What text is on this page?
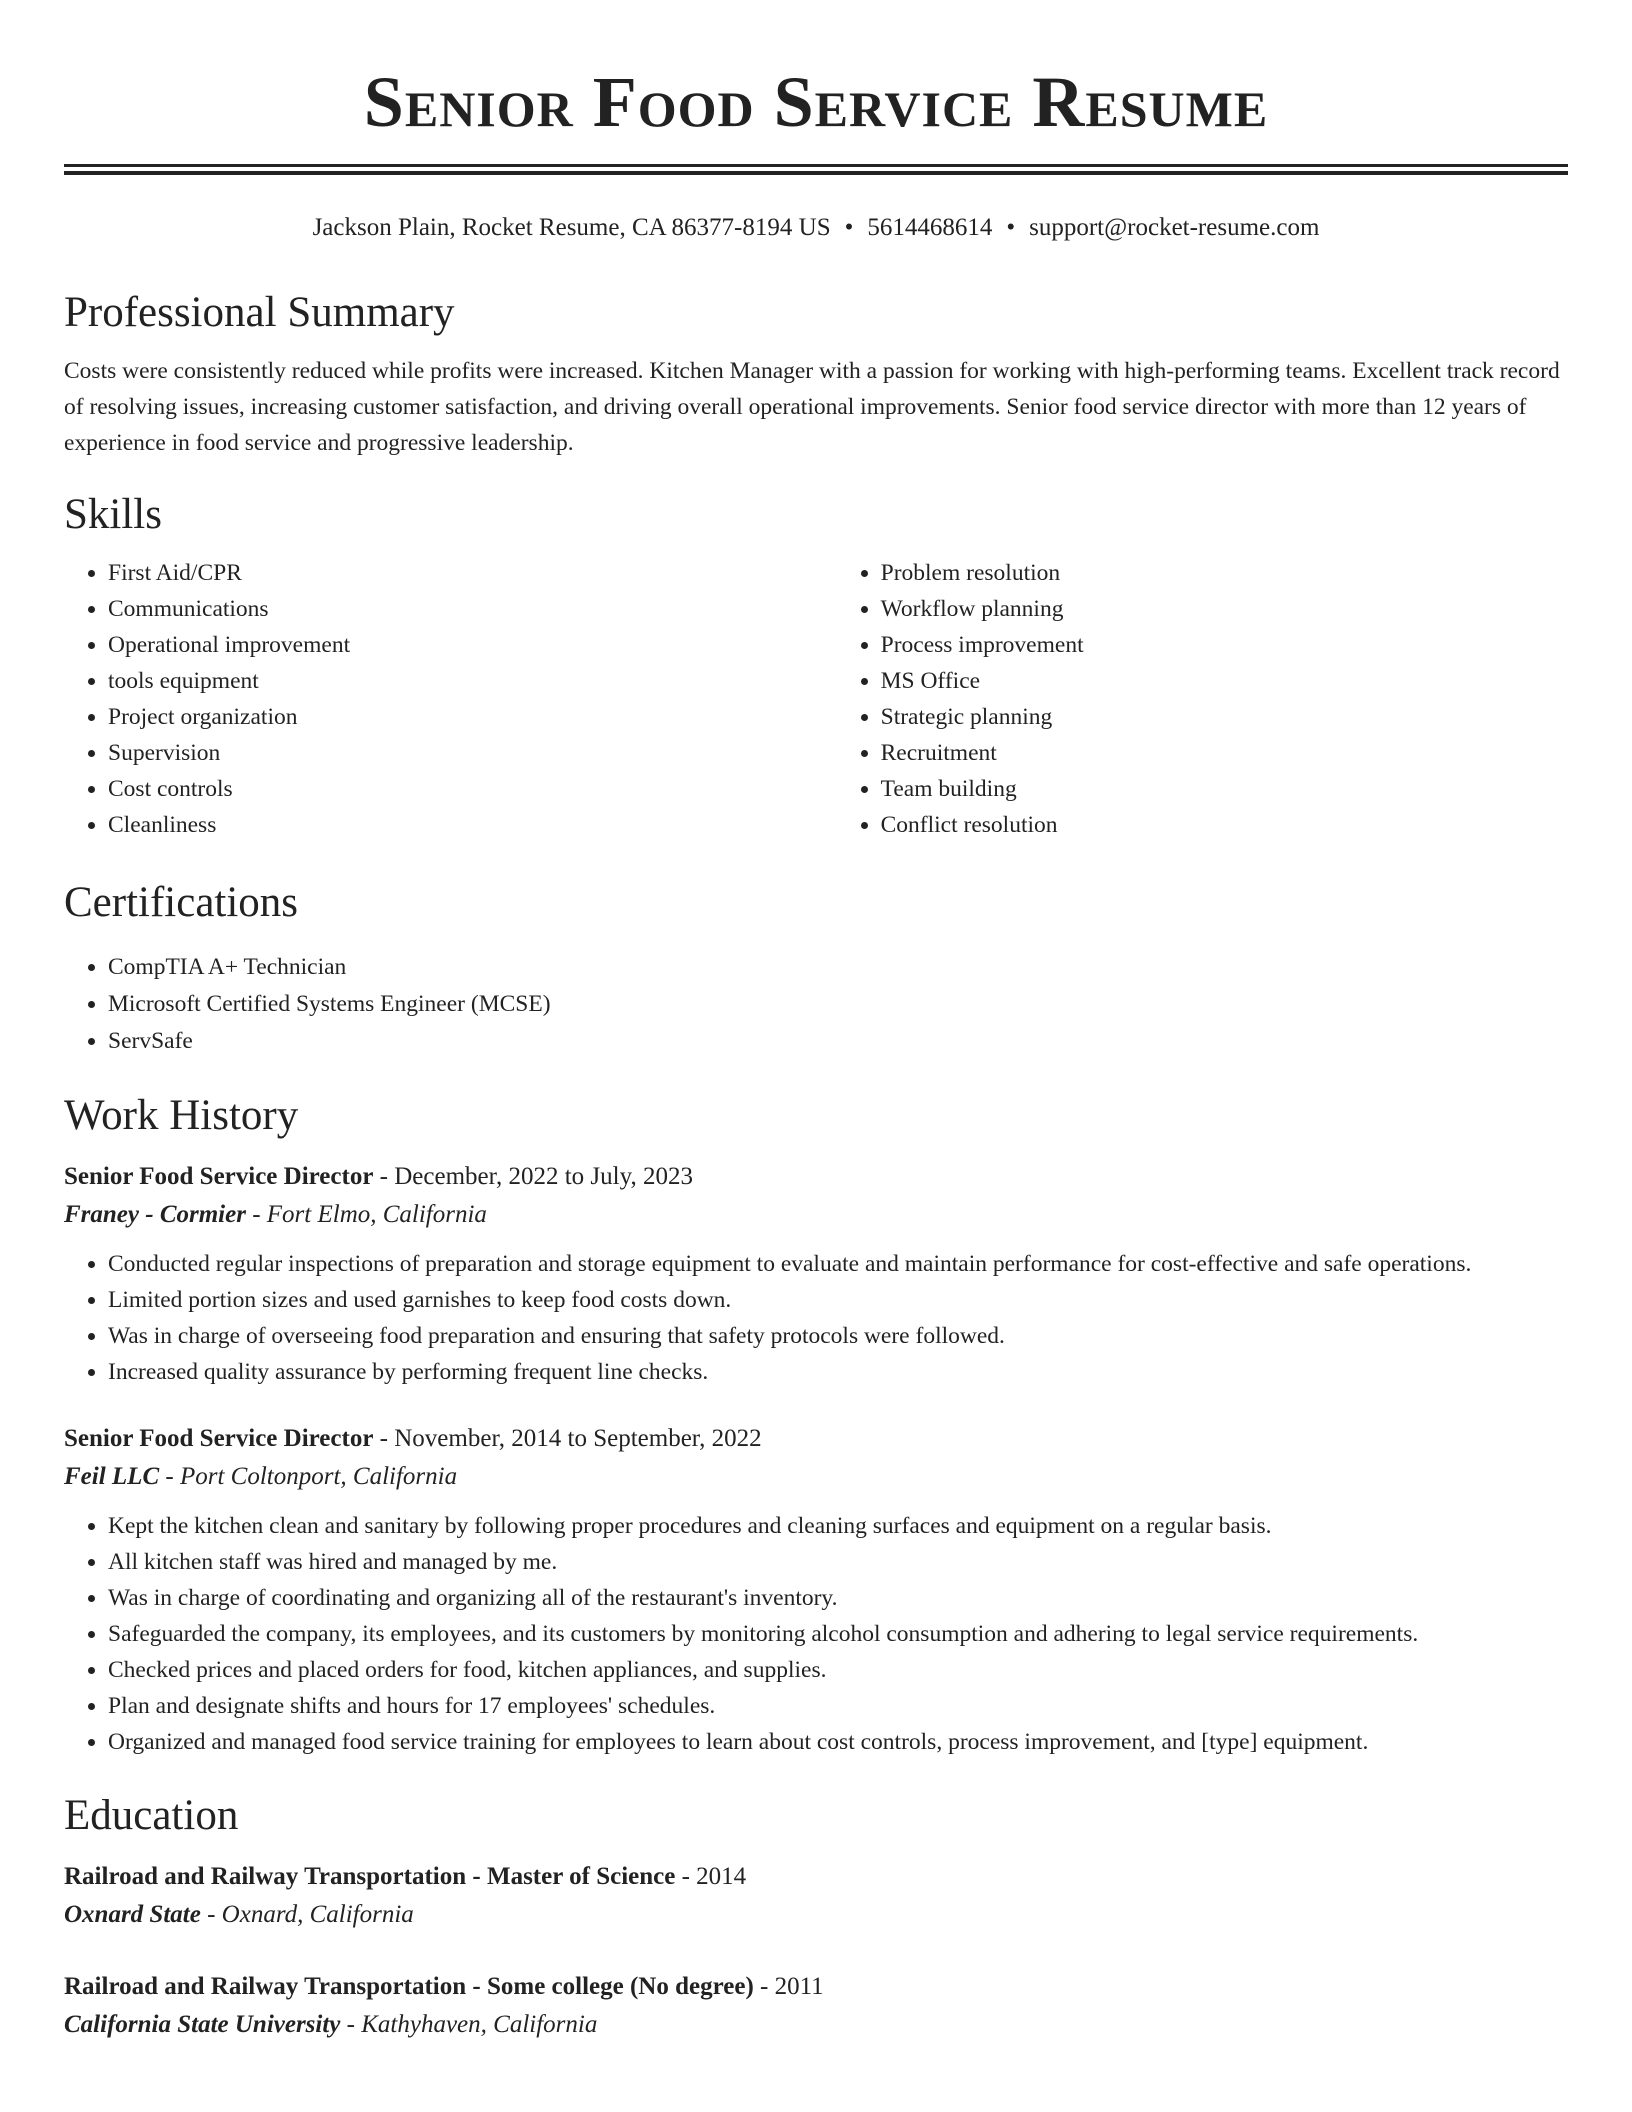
Senior Food Service Resume
Jackson Plain, Rocket Resume, CA 86377-8194 US • 5614468614 • support@rocket-resume.com
Professional Summary
Costs were consistently reduced while profits were increased. Kitchen Manager with a passion for working with high-performing teams. Excellent track record of resolving issues, increasing customer satisfaction, and driving overall operational improvements. Senior food service director with more than 12 years of experience in food service and progressive leadership.
Skills
• First Aid/CPR
• Communications
• Operational improvement
• tools equipment
• Project organization
• Supervision
• Cost controls
• Cleanliness
• Problem resolution
• Workflow planning
• Process improvement
• MS Office
• Strategic planning
• Recruitment
• Team building
• Conflict resolution
Certifications
• CompTIA A+ Technician
• Microsoft Certified Systems Engineer (MCSE)
• ServSafe
Work History
Senior Food Service Director - December, 2022 to July, 2023
Franey - Cormier - Fort Elmo, California
• Conducted regular inspections of preparation and storage equipment to evaluate and maintain performance for cost-effective and safe operations.
• Limited portion sizes and used garnishes to keep food costs down.
• Was in charge of overseeing food preparation and ensuring that safety protocols were followed.
• Increased quality assurance by performing frequent line checks.
Senior Food Service Director - November, 2014 to September, 2022
Feil LLC - Port Coltonport, California
• Kept the kitchen clean and sanitary by following proper procedures and cleaning surfaces and equipment on a regular basis.
• All kitchen staff was hired and managed by me.
• Was in charge of coordinating and organizing all of the restaurant's inventory.
• Safeguarded the company, its employees, and its customers by monitoring alcohol consumption and adhering to legal service requirements.
• Checked prices and placed orders for food, kitchen appliances, and supplies.
• Plan and designate shifts and hours for 17 employees' schedules.
• Organized and managed food service training for employees to learn about cost controls, process improvement, and [type] equipment.
Education
Railroad and Railway Transportation - Master of Science - 2014
Oxnard State - Oxnard, California
Railroad and Railway Transportation - Some college (No degree) - 2011
California State University - Kathyhaven, California
